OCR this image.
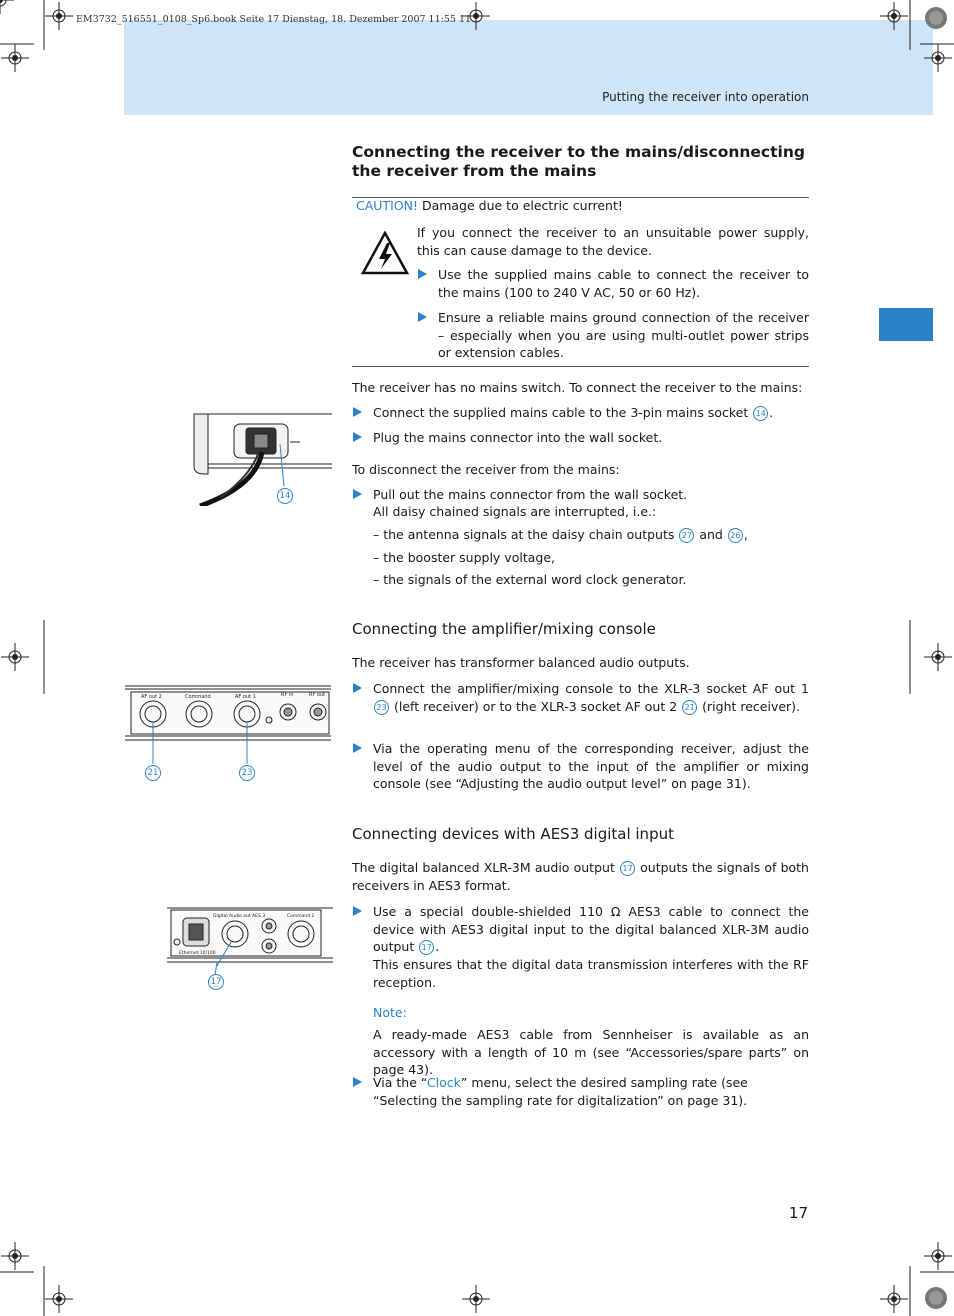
EM3732_516551_0108_Sp6.book Seite 17 Dienstag, 18. Dezember 2007 11:55 11
Putting the receiver into operation
Connecting the receiver to the mains/disconnecting the receiver from the mains
CAUTION! Damage due to electric current!

If you connect the receiver to an unsuitable power supply, this can cause damage to the device.

Use the supplied mains cable to connect the receiver to the mains (100 to 240 V AC, 50 or 60 Hz).

Ensure a reliable mains ground connection of the receiver – especially when you are using multi-outlet power strips or extension cables.

The receiver has no mains switch. To connect the receiver to the mains:

Connect the supplied mains cable to the 3-pin mains socket 14 .

Plug the mains connector into the wall socket.

To disconnect the receiver from the mains:

Pull out the mains connector from the wall socket.

All daisy chained signals are interrupted, i.e.:

– the antenna signals at the daisy chain outputs 27 and 26 ,

– the booster supply voltage,

– the signals of the external word clock generator.

14
Connecting the amplifier/mixing console

The receiver has transformer balanced audio outputs.

Connect the amplifier/mixing console to the XLR-3 socket AF out 1 23 (left receiver) or to the XLR-3 socket AF out 2 21 (right receiver).

Via the operating menu of the corresponding receiver, adjust the level of the audio output to the input of the amplifier or mixing console (see “Adjusting the audio output level” on page 31).

AF out 2	Command	AF out 1	RF in	RF out
21	23
Connecting devices with AES3 digital input

The digital balanced XLR-3M audio output 17 outputs the signals of both receivers in AES3 format.

Use a special double-shielded 110 Ω AES3 cable to connect the device with AES3 digital input to the digital balanced XLR-3M audio output 17 .

This ensures that the digital data transmission interferes with the RF reception.

Note:

A ready-made AES3 cable from Sennheiser is available as an accessory with a length of 10 m (see “Accessories/spare parts” on page 43).

Via the “Clock” menu, select the desired sampling rate (see “Selecting the sampling rate for digitalization” on page 31).

Digital Audio out AES 3	Command 2
Ethernet 10/100
17
17
